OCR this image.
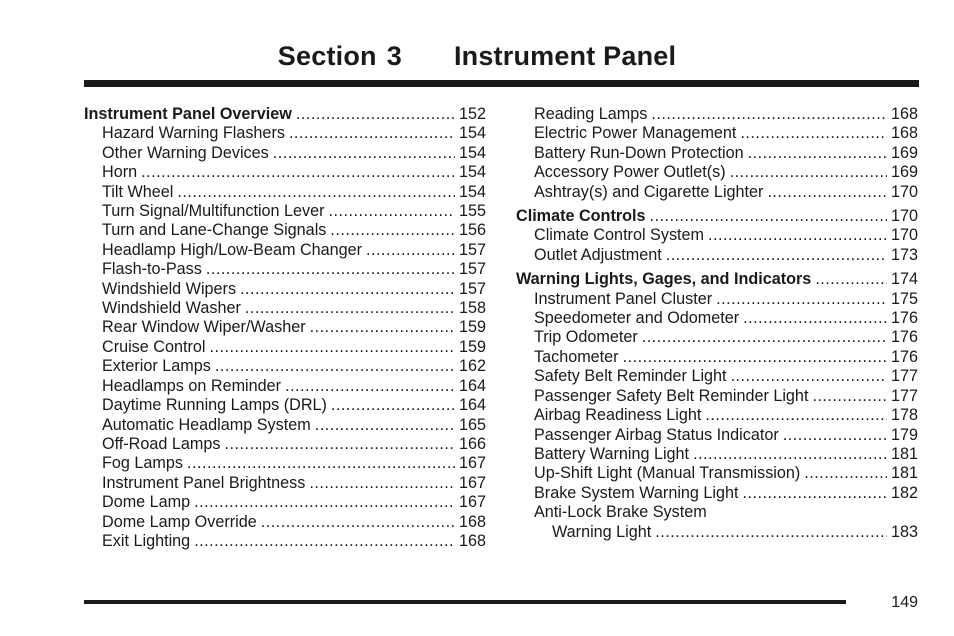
Section 3 Instrument Panel
Instrument Panel Overview .....	152
Hazard Warning Flashers .....	154
Other Warning Devices .....	154
Horn .....	154
Tilt Wheel .....	154
Turn Signal/Multifunction Lever .....	155
Turn and Lane-Change Signals .....	156
Headlamp High/Low-Beam Changer .....	157
Flash-to-Pass .....	157
Windshield Wipers .....	157
Windshield Washer .....	158
Rear Window Wiper/Washer .....	159
Cruise Control .....	159
Exterior Lamps .....	162
Headlamps on Reminder .....	164
Daytime Running Lamps (DRL) .....	164
Automatic Headlamp System .....	165
Off-Road Lamps .....	166
Fog Lamps .....	167
Instrument Panel Brightness .....	167
Dome Lamp .....	167
Dome Lamp Override .....	168
Exit Lighting .....	168
Reading Lamps .....	168
Electric Power Management .....	168
Battery Run-Down Protection .....	169
Accessory Power Outlet(s) .....	169
Ashtray(s) and Cigarette Lighter .....	170
Climate Controls .....	170
Climate Control System .....	170
Outlet Adjustment .....	173
Warning Lights, Gages, and Indicators .....	174
Instrument Panel Cluster .....	175
Speedometer and Odometer .....	176
Trip Odometer .....	176
Tachometer .....	176
Safety Belt Reminder Light .....	177
Passenger Safety Belt Reminder Light .....	177
Airbag Readiness Light .....	178
Passenger Airbag Status Indicator .....	179
Battery Warning Light .....	181
Up-Shift Light (Manual Transmission) .....	181
Brake System Warning Light .....	182
Anti-Lock Brake System
Warning Light .....	183
149
